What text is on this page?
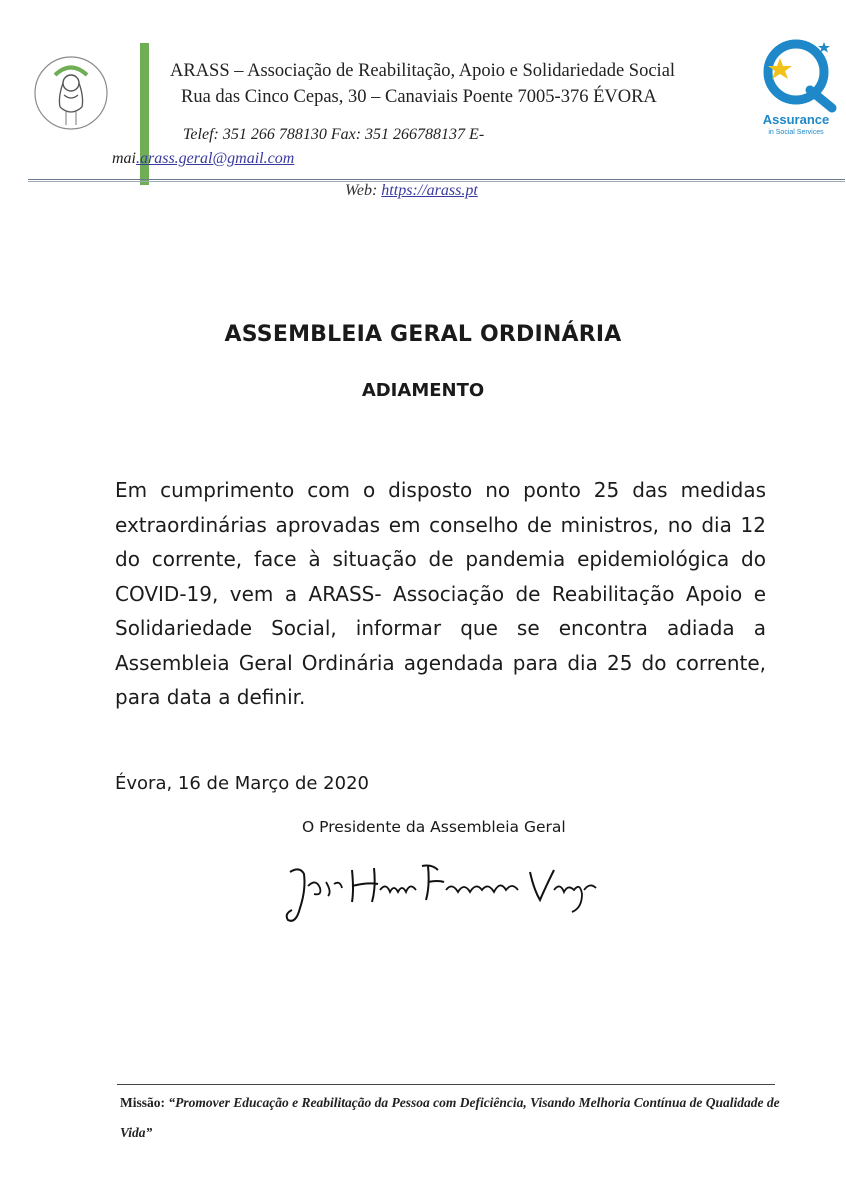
ARASS – Associação de Reabilitação, Apoio e Solidariedade Social
Rua das Cinco Cepas, 30 – Canaviais Poente 7005-376 ÉVORA
Telef: 351 266 788130 Fax: 351 266788137 E-
mai.arass.geral@gmail.com
Web: https://arass.pt
Assurance
in Social Services
ASSEMBLEIA GERAL ORDINÁRIA
ADIAMENTO
Em cumprimento com o disposto no ponto 25 das medidas extraordinárias aprovadas em conselho de ministros, no dia 12 do corrente, face à situação de pandemia epidemiológica do COVID-19, vem a ARASS- Associação de Reabilitação Apoio e Solidariedade Social, informar que se encontra adiada a Assembleia Geral Ordinária agendada para dia 25 do corrente, para data a definir.
Évora, 16 de Março de 2020
O Presidente da Assembleia Geral
Missão: “Promover Educação e Reabilitação da Pessoa com Deficiência, Visando Melhoria Contínua de Qualidade de Vida”
